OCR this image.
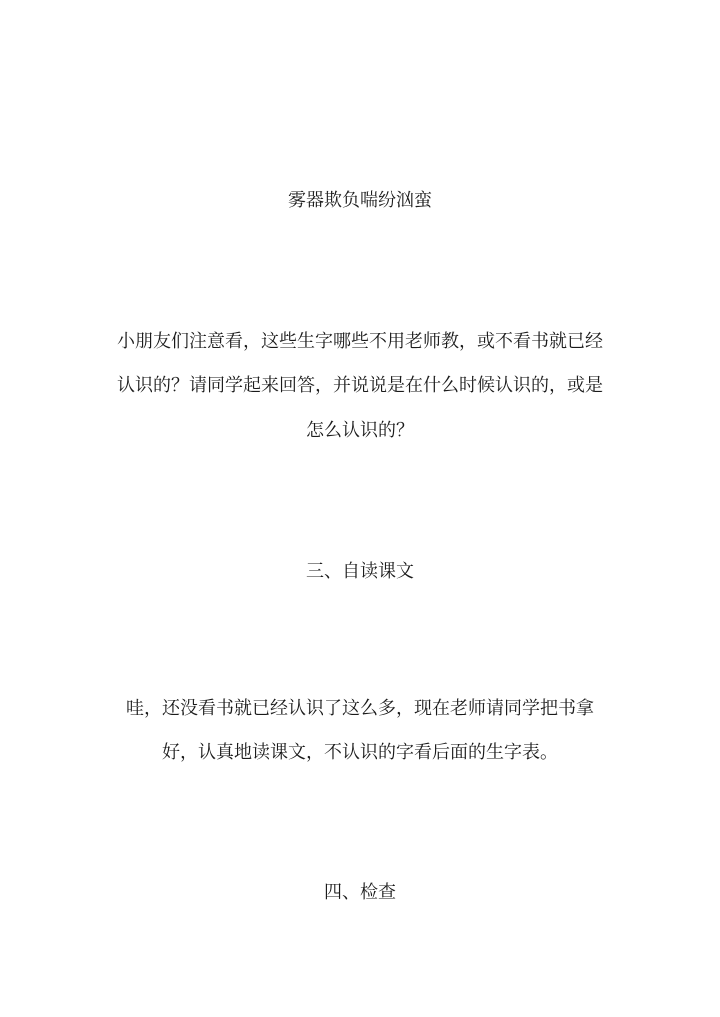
雾器欺负喘纷汹蛮
小朋友们注意看，这些生字哪些不用老师教，或不看书就已经
认识的？请同学起来回答，并说说是在什么时候认识的，或是
怎么认识的？
三、自读课文
哇，还没看书就已经认识了这么多，现在老师请同学把书拿
好，认真地读课文，不认识的字看后面的生字表。
四、检查
